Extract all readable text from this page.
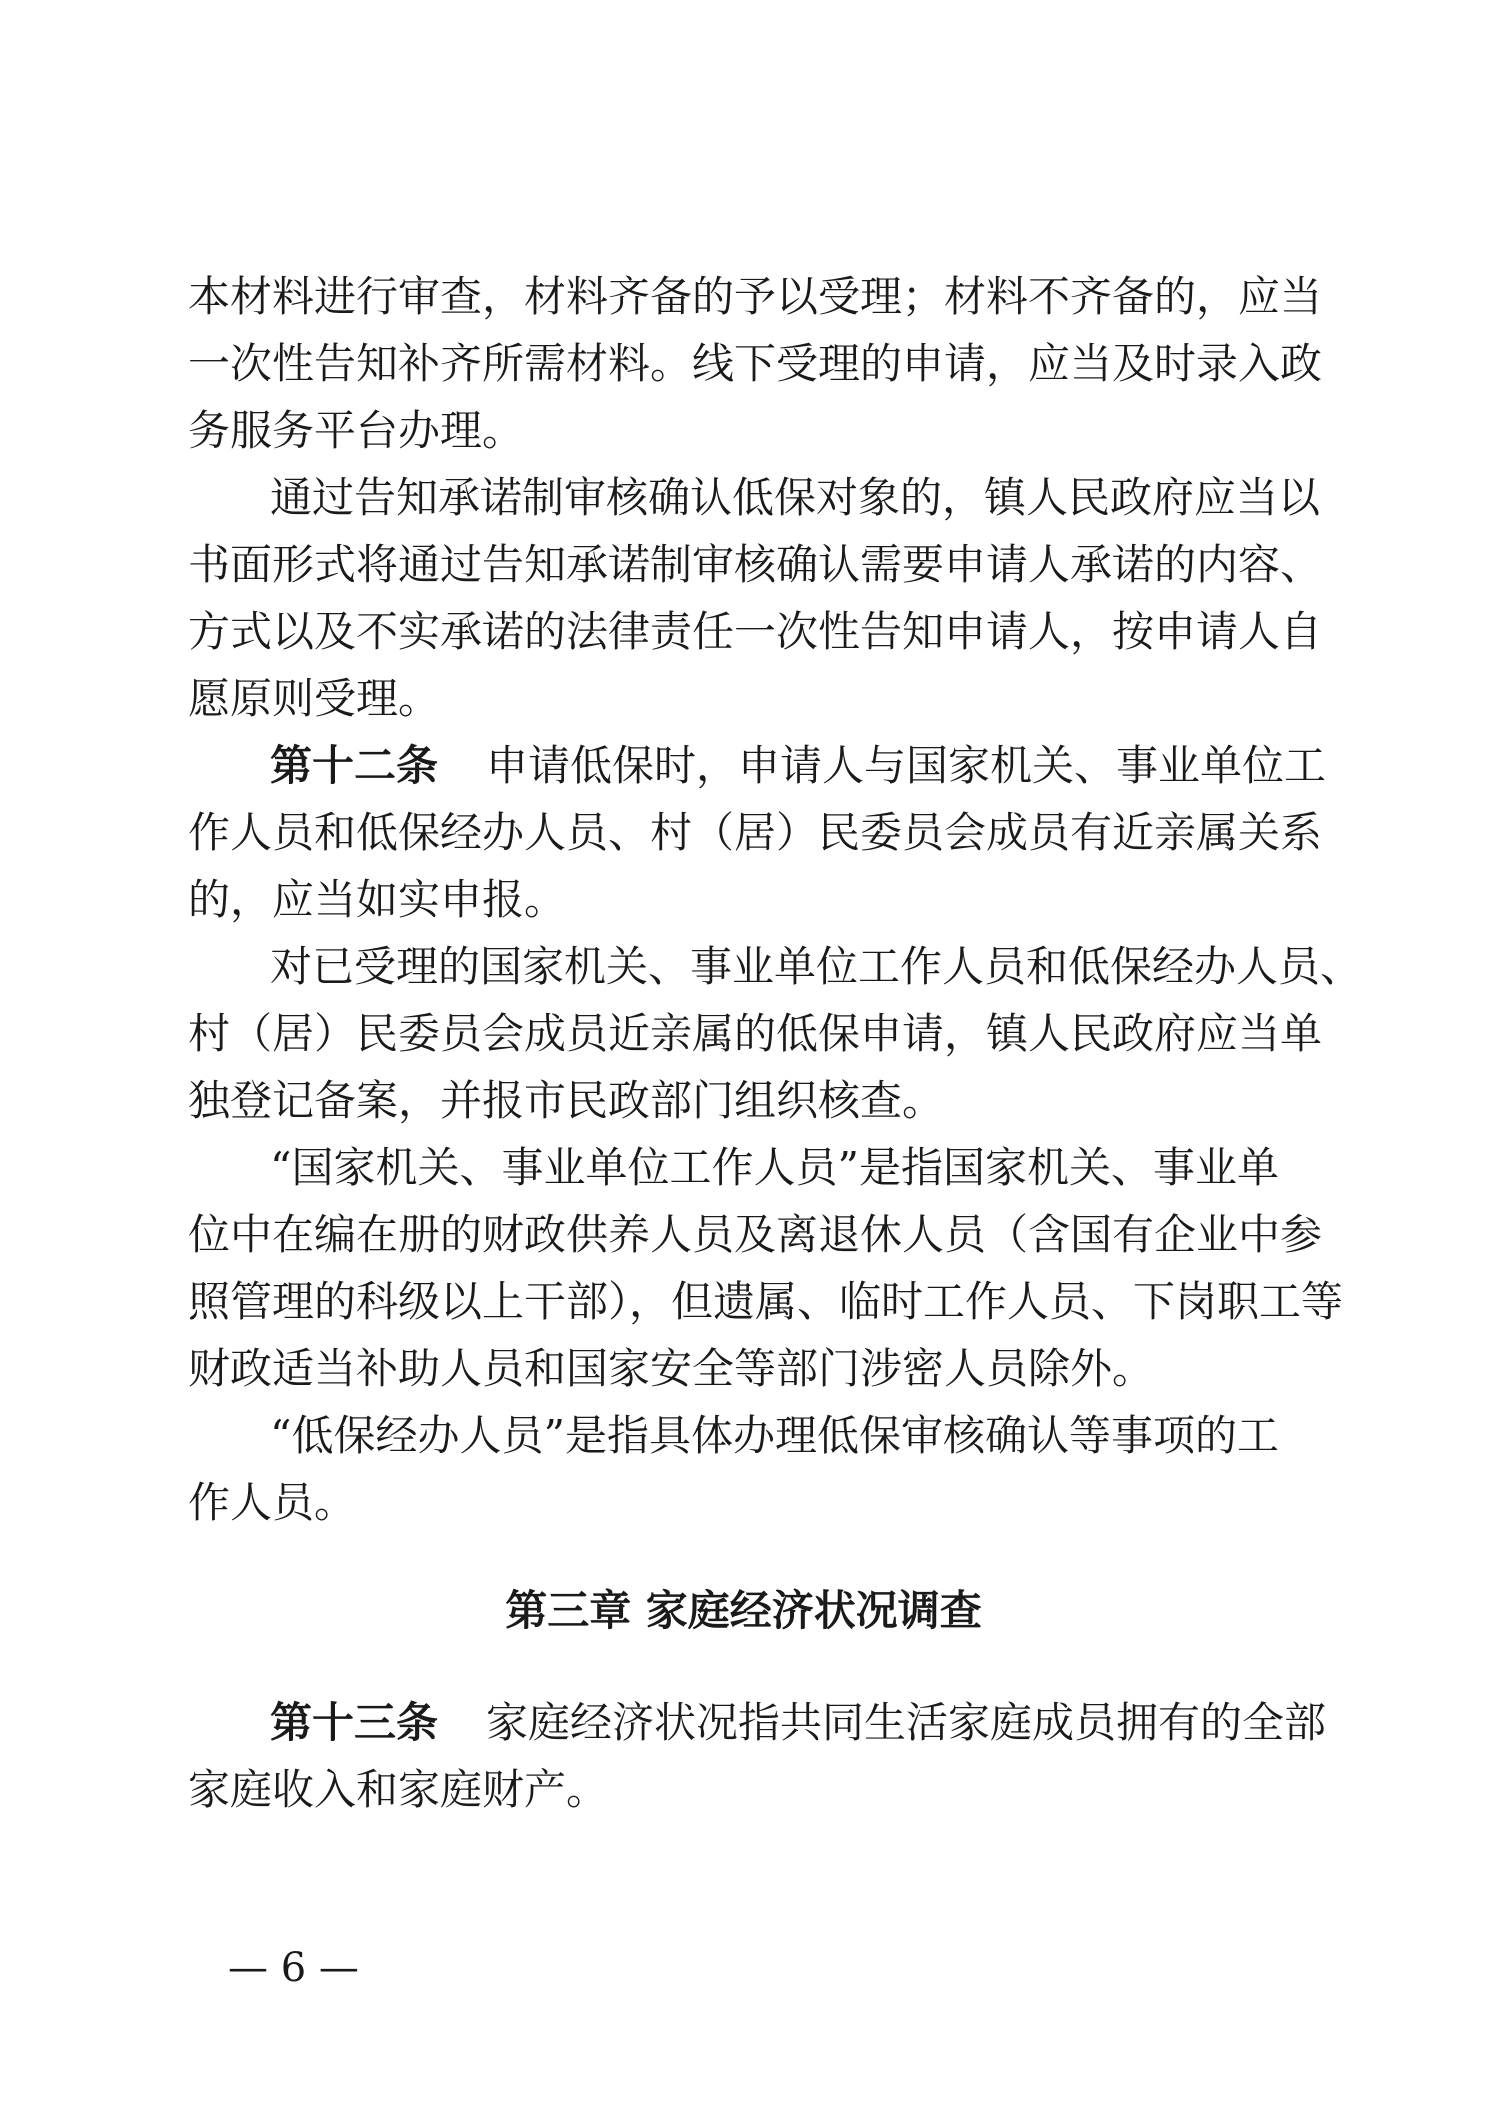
本材料进行审查，材料齐备的予以受理；材料不齐备的，应当
一次性告知补齐所需材料。线下受理的申请，应当及时录入政
务服务平台办理。
通过告知承诺制审核确认低保对象的，镇人民政府应当以
书面形式将通过告知承诺制审核确认需要申请人承诺的内容、
方式以及不实承诺的法律责任一次性告知申请人，按申请人自
愿原则受理。
第十二条 申请低保时，申请人与国家机关、事业单位工
作人员和低保经办人员、村（居）民委员会成员有近亲属关系
的，应当如实申报。
对已受理的国家机关、事业单位工作人员和低保经办人员、
村（居）民委员会成员近亲属的低保申请，镇人民政府应当单
独登记备案，并报市民政部门组织核查。
“国家机关、事业单位工作人员”是指国家机关、事业单
位中在编在册的财政供养人员及离退休人员（含国有企业中参
照管理的科级以上干部），但遗属、临时工作人员、下岗职工等
财政适当补助人员和国家安全等部门涉密人员除外。
“低保经办人员”是指具体办理低保审核确认等事项的工
作人员。
第三章 家庭经济状况调查
第十三条 家庭经济状况指共同生活家庭成员拥有的全部
家庭收入和家庭财产。
— 6 —
